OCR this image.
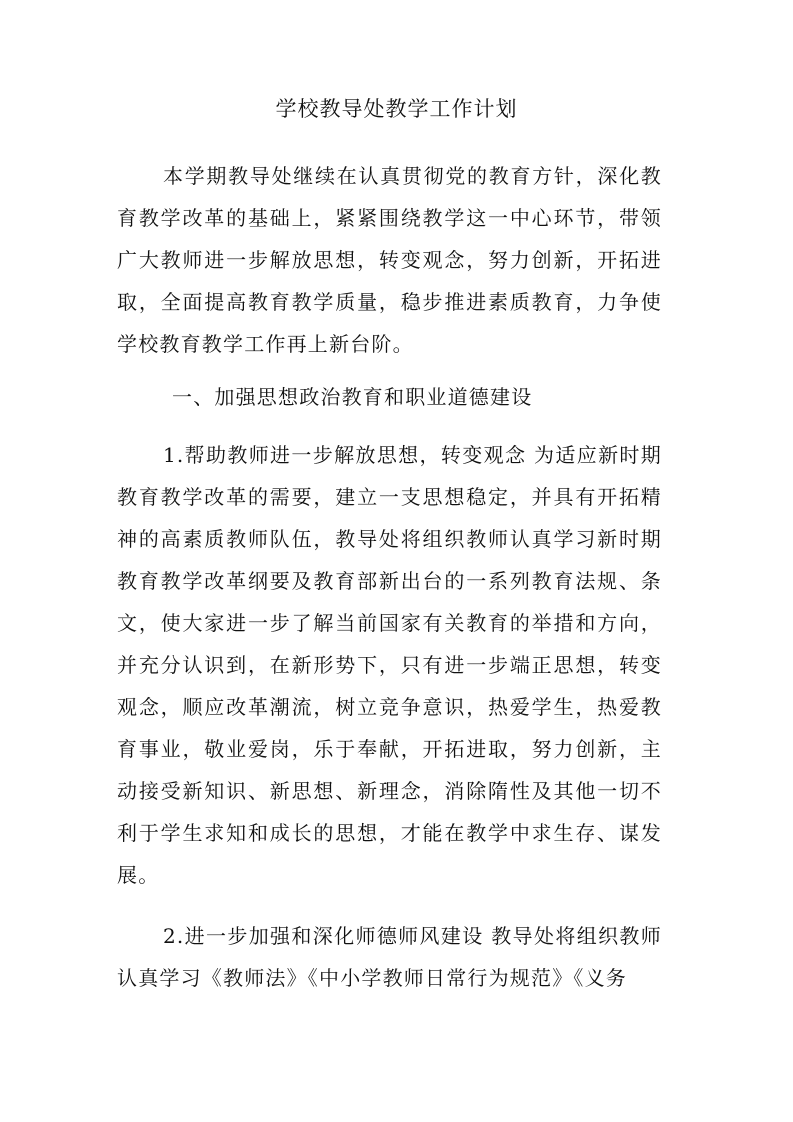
学校教导处教学工作计划

本学期教导处继续在认真贯彻党的教育方针，深化教育教学改革的基础上，紧紧围绕教学这一中心环节，带领广大教师进一步解放思想，转变观念，努力创新，开拓进取，全面提高教育教学质量，稳步推进素质教育，力争使学校教育教学工作再上新台阶。

一、加强思想政治教育和职业道德建设

1.帮助教师进一步解放思想，转变观念 为适应新时期教育教学改革的需要，建立一支思想稳定，并具有开拓精神的高素质教师队伍，教导处将组织教师认真学习新时期教育教学改革纲要及教育部新出台的一系列教育法规、条文，使大家进一步了解当前国家有关教育的举措和方向，并充分认识到，在新形势下，只有进一步端正思想，转变观念，顺应改革潮流，树立竞争意识，热爱学生，热爱教育事业，敬业爱岗，乐于奉献，开拓进取，努力创新，主动接受新知识、新思想、新理念，消除隋性及其他一切不利于学生求知和成长的思想，才能在教学中求生存、谋发展。

2.进一步加强和深化师德师风建设 教导处将组织教师认真学习《教师法》《中小学教师日常行为规范》《义务
